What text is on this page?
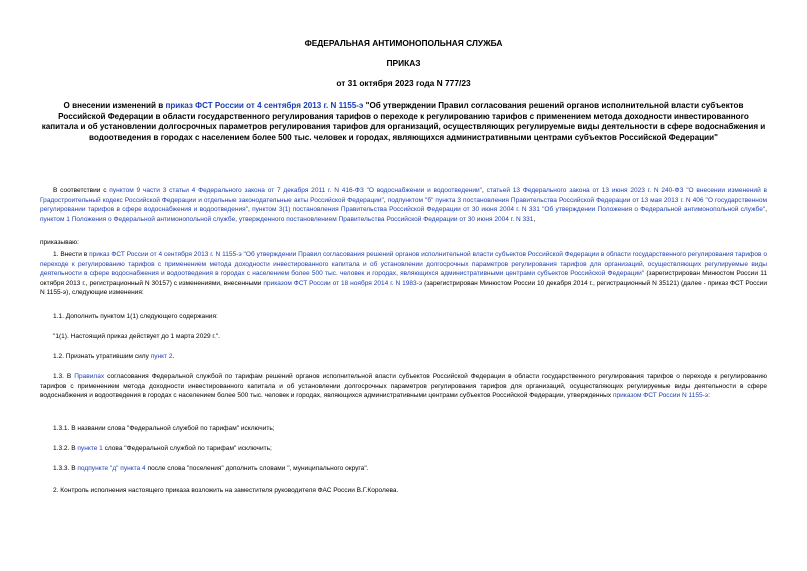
ФЕДЕРАЛЬНАЯ АНТИМОНОПОЛЬНАЯ СЛУЖБА
ПРИКАЗ
от 31 октября 2023 года N 777/23
О внесении изменений в приказ ФСТ России от 4 сентября 2013 г. N 1155-э "Об утверждении Правил согласования решений органов исполнительной власти субъектов Российской Федерации в области государственного регулирования тарифов о переходе к регулированию тарифов с применением метода доходности инвестированного капитала и об установлении долгосрочных параметров регулирования тарифов для организаций, осуществляющих регулируемые виды деятельности в сфере водоснабжения и водоотведения в городах с населением более 500 тыс. человек и городах, являющихся административными центрами субъектов Российской Федерации"

В соответствии с пунктом 9 части 3 статьи 4 Федерального закона от 7 декабря 2011 г. N 416-ФЗ "О водоснабжении и водоотведении", статьей 13 Федерального закона от 13 июня 2023 г. N 240-ФЗ "О внесении изменений в Градостроительный кодекс Российской Федерации и отдельные законодательные акты Российской Федерации", подпунктом "б" пункта 3 постановления Правительства Российской Федерации от 13 мая 2013 г. N 406 "О государственном регулировании тарифов в сфере водоснабжения и водоотведения", пунктом 3(1) постановления Правительства Российской Федерации от 30 июня 2004 г. N 331 "Об утверждении Положения о Федеральной антимонопольной службе", пунктом 1 Положения о Федеральной антимонопольной службе, утвержденного постановлением Правительства Российской Федерации от 30 июня 2004 г. N 331,

приказываю:

1. Внести в приказ ФСТ России от 4 сентября 2013 г. N 1155-э "Об утверждении Правил согласования решений органов исполнительной власти субъектов Российской Федерации в области государственного регулирования тарифов о переходе к регулированию тарифов с применением метода доходности инвестированного капитала и об установлении долгосрочных параметров регулирования тарифов для организаций, осуществляющих регулируемые виды деятельности в сфере водоснабжения и водоотведения в городах с населением более 500 тыс. человек и городах, являющихся административными центрами субъектов Российской Федерации" (зарегистрирован Минюстом России 11 октября 2013 г., регистрационный N 30157) с изменениями, внесенными приказом ФСТ России от 18 ноября 2014 г. N 1983-э (зарегистрирован Минюстом России 10 декабря 2014 г., регистрационный N 35121) (далее - приказ ФСТ России N 1155-э), следующие изменения:

1.1. Дополнить пунктом 1(1) следующего содержания:

"1(1). Настоящий приказ действует до 1 марта 2029 г.".

1.2. Признать утратившим силу пункт 2.

1.3. В Правилах согласования Федеральной службой по тарифам решений органов исполнительной власти субъектов Российской Федерации в области государственного регулирования тарифов о переходе к регулированию тарифов с применением метода доходности инвестированного капитала и об установлении долгосрочных параметров регулирования тарифов для организаций, осуществляющих регулируемые виды деятельности в сфере водоснабжения и водоотведения в городах с населением более 500 тыс. человек и городах, являющихся административными центрами субъектов Российской Федерации, утвержденных приказом ФСТ России N 1155-э:

1.3.1. В названии слова "Федеральной службой по тарифам" исключить;

1.3.2. В пункте 1 слова "Федеральной службой по тарифам" исключить;

1.3.3. В подпункте "д" пункта 4 после слова "поселения" дополнить словами ", муниципального округа".

2. Контроль исполнения настоящего приказа возложить на заместителя руководителя ФАС России В.Г.Королева.
